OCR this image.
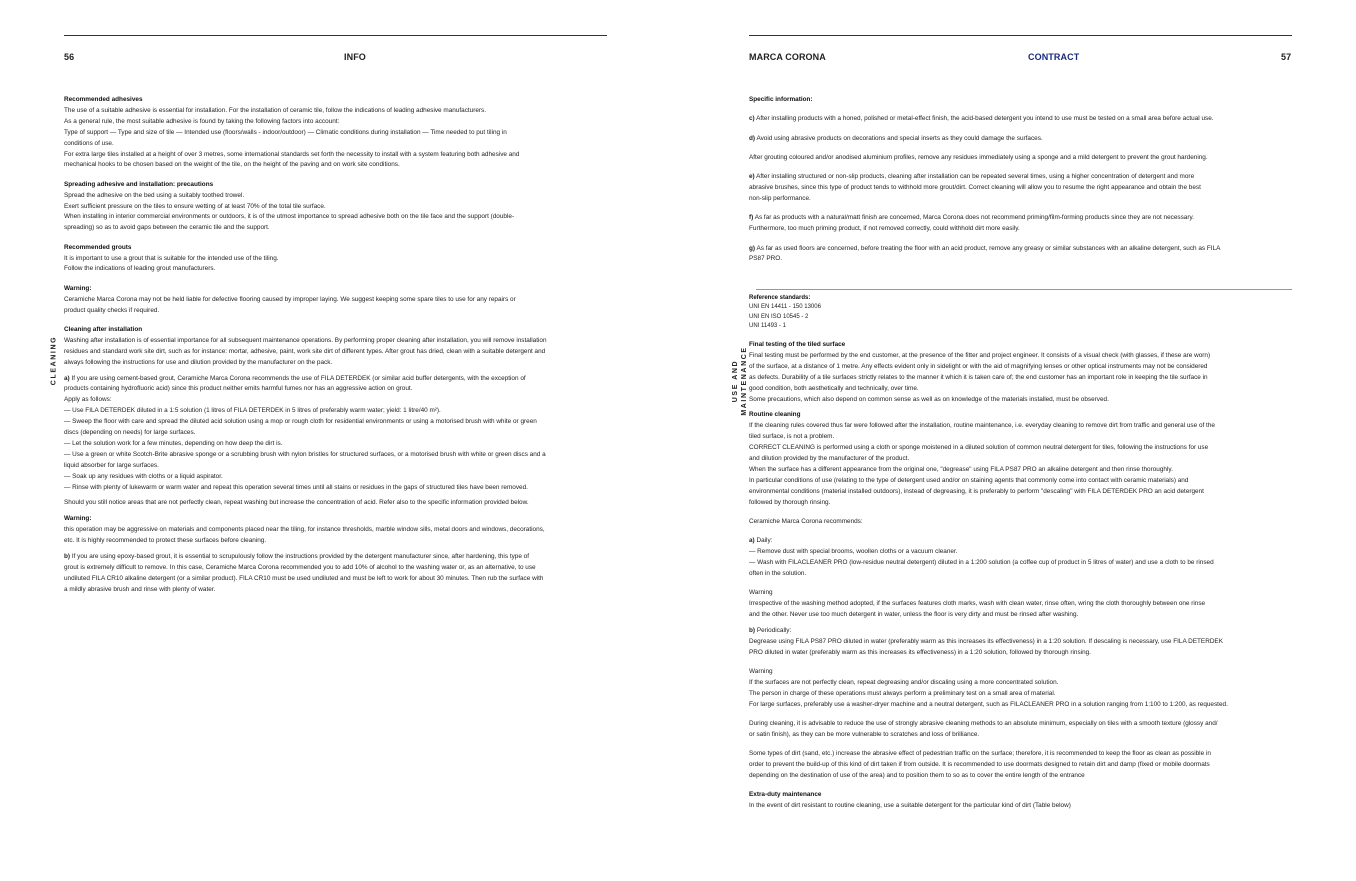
56	INFO
CLEANING

Recommended adhesives

The use of a suitable adhesive is essential for installation. For the installation of ceramic tile, follow the indications of leading adhesive manufacturers.

As a general rule, the most suitable adhesive is found by taking the following factors into account:

Type of support — Type and size of tile — Intended use (floors/walls - indoor/outdoor) — Climatic conditions during installation — Time needed to put tiling in

conditions of use.

For extra large tiles installed at a height of over 3 metres, some international standards set forth the necessity to install with a system featuring both adhesive and

mechanical hooks to be chosen based on the weight of the tile, on the height of the paving and on work site conditions.

Spreading adhesive and installation: precautions

Spread the adhesive on the bed using a suitably toothed trowel.

Exert sufficient pressure on the tiles to ensure wetting of at least 70% of the total tile surface.

When installing in interior commercial environments or outdoors, it is of the utmost importance to spread adhesive both on the tile face and the support (double-

spreading) so as to avoid gaps between the ceramic tile and the support.

Recommended grouts

It is important to use a grout that is suitable for the intended use of the tiling.

Follow the indications of leading grout manufacturers.

Warning:

Ceramiche Marca Corona may not be held liable for defective flooring caused by improper laying. We suggest keeping some spare tiles to use for any repairs or

product quality checks if required.

Cleaning after installation

Washing after installation is of essential importance for all subsequent maintenance operations. By performing proper cleaning after installation, you will remove installation

residues and standard work site dirt, such as for instance: mortar, adhesive, paint, work site dirt of different types. After grout has dried, clean with a suitable detergent and

always following the instructions for use and dilution provided by the manufacturer on the pack.

a) If you are using cement-based grout, Ceramiche Marca Corona recommends the use of FILA DETERDEK (or similar acid buffer detergents, with the exception of

products containing hydrofluoric acid) since this product neither emits harmful fumes nor has an aggressive action on grout.

Apply as follows:

— Use FILA DETERDEK diluted in a 1:5 solution (1 litres of FILA DETERDEK in 5 litres of preferably warm water; yield: 1 litre/40 m²).

— Sweep the floor with care and spread the diluted acid solution using a mop or rough cloth for residential environments or using a motorised brush with white or green

discs (depending on needs) for large surfaces.

— Let the solution work for a few minutes, depending on how deep the dirt is.

— Use a green or white Scotch-Brite abrasive sponge or a scrubbing brush with nylon bristles for structured surfaces, or a motorised brush with white or green discs and a

liquid absorber for large surfaces.

— Soak up any residues with cloths or a liquid aspirator.

— Rinse with plenty of lukewarm or warm water and repeat this operation several times until all stains or residues in the gaps of structured tiles have been removed.

Should you still notice areas that are not perfectly clean, repeat washing but increase the concentration of acid. Refer also to the specific information provided below.

Warning:

this operation may be aggressive on materials and components placed near the tiling, for instance thresholds, marble window sills, metal doors and windows, decorations,

etc. It is highly recommended to protect these surfaces before cleaning.

b) If you are using epoxy-based grout, it is essential to scrupulously follow the instructions provided by the detergent manufacturer since, after hardening, this type of

grout is extremely difficult to remove. In this case, Ceramiche Marca Corona recommended you to add 10% of alcohol to the washing water or, as an alternative, to use

undiluted FILA CR10 alkaline detergent (or a similar product). FILA CR10 must be used undiluted and must be left to work for about 30 minutes. Then rub the surface with

a mildly abrasive brush and rinse with plenty of water.

MARCA CORONA	CONTRACT	57
USE AND MAINTENANCE

Specific information:

c) After installing products with a honed, polished or metal-effect finish, the acid-based detergent you intend to use must be tested on a small area before actual use.

d) Avoid using abrasive products on decorations and special inserts as they could damage the surfaces.

After grouting coloured and/or anodised aluminium profiles, remove any residues immediately using a sponge and a mild detergent to prevent the grout hardening.

e) After installing structured or non-slip products, cleaning after installation can be repeated several times, using a higher concentration of detergent and more

abrasive brushes, since this type of product tends to withhold more grout/dirt. Correct cleaning will allow you to resume the right appearance and obtain the best

non-slip performance.

f) As far as products with a natural/matt finish are concerned, Marca Corona does not recommend priming/film-forming products since they are not necessary.

Furthermore, too much priming product, if not removed correctly, could withhold dirt more easily.

g) As far as used floors are concerned, before treating the floor with an acid product, remove any greasy or similar substances with an alkaline detergent, such as FILA

PS87 PRO.

Reference standards:

UNI EN 14411 - 150 13006

UNI EN ISO 10545 - 2

UNI 11493 - 1

Final testing of the tiled surface

Final testing must be performed by the end customer, at the presence of the fitter and project engineer. It consists of a visual check (with glasses, if these are worn)

of the surface, at a distance of 1 metre. Any effects evident only in sidelight or with the aid of magnifying lenses or other optical instruments may not be considered

as defects. Durability of a tile surfaces strictly relates to the manner it which it is taken care of; the end customer has an important role in keeping the tile surface in

good condition, both aesthetically and technically, over time.

Some precautions, which also depend on common sense as well as on knowledge of the materials installed, must be observed.

Routine cleaning

If the cleaning rules covered thus far were followed after the installation, routine maintenance, i.e. everyday cleaning to remove dirt from traffic and general use of the

tiled surface, is not a problem.

CORRECT CLEANING is performed using a cloth or sponge moistened in a diluted solution of common neutral detergent for tiles, following the instructions for use

and dilution provided by the manufacturer of the product.

When the surface has a different appearance from the original one, "degrease" using FILA PS87 PRO an alkaline detergent and then rinse thoroughly.

In particular conditions of use (relating to the type of detergent used and/or on staining agents that commonly come into contact with ceramic materials) and

environmental conditions (material installed outdoors), instead of degreasing, it is preferably to perform "descaling" with FILA DETERDEK PRO an acid detergent

followed by thorough rinsing.

Ceramiche Marca Corona recommends:

a) Daily:

— Remove dust with special brooms, woollen cloths or a vacuum cleaner.

— Wash with FILACLEANER PRO (low-residue neutral detergent) diluted in a 1:200 solution (a coffee cup of product in 5 litres of water) and use a cloth to be rinsed

often in the solution.

Warning

Irrespective of the washing method adopted, if the surfaces features cloth marks, wash with clean water, rinse often, wring the cloth thoroughly between one rinse

and the other. Never use too much detergent in water, unless the floor is very dirty and must be rinsed after washing.

b) Periodically:

Degrease using FILA PS87 PRO diluted in water (preferably warm as this increases its effectiveness) in a 1:20 solution. If descaling is necessary, use FILA DETERDEK

PRO diluted in water (preferably warm as this increases its effectiveness) in a 1:20 solution, followed by thorough rinsing.

Warning

If the surfaces are not perfectly clean, repeat degreasing and/or discaling using a more concentrated solution.

The person in charge of these operations must always perform a preliminary test on a small area of material.

For large surfaces, preferably use a washer-dryer machine and a neutral detergent, such as FILACLEANER PRO in a solution ranging from 1:100 to 1:200, as requested.

During cleaning, it is advisable to reduce the use of strongly abrasive cleaning methods to an absolute minimum, especially on tiles with a smooth texture (glossy and/

or satin finish), as they can be more vulnerable to scratches and loss of brilliance.

Some types of dirt (sand, etc.) increase the abrasive effect of pedestrian traffic on the surface; therefore, it is recommended to keep the floor as clean as possible in

order to prevent the build-up of this kind of dirt taken if from outside. It is recommended to use doormats designed to retain dirt and damp (fixed or mobile doormats

depending on the destination of use of the area) and to position them to so as to cover the entire length of the entrance

Extra-duty maintenance

In the event of dirt resistant to routine cleaning, use a suitable detergent for the particular kind of dirt (Table below)
